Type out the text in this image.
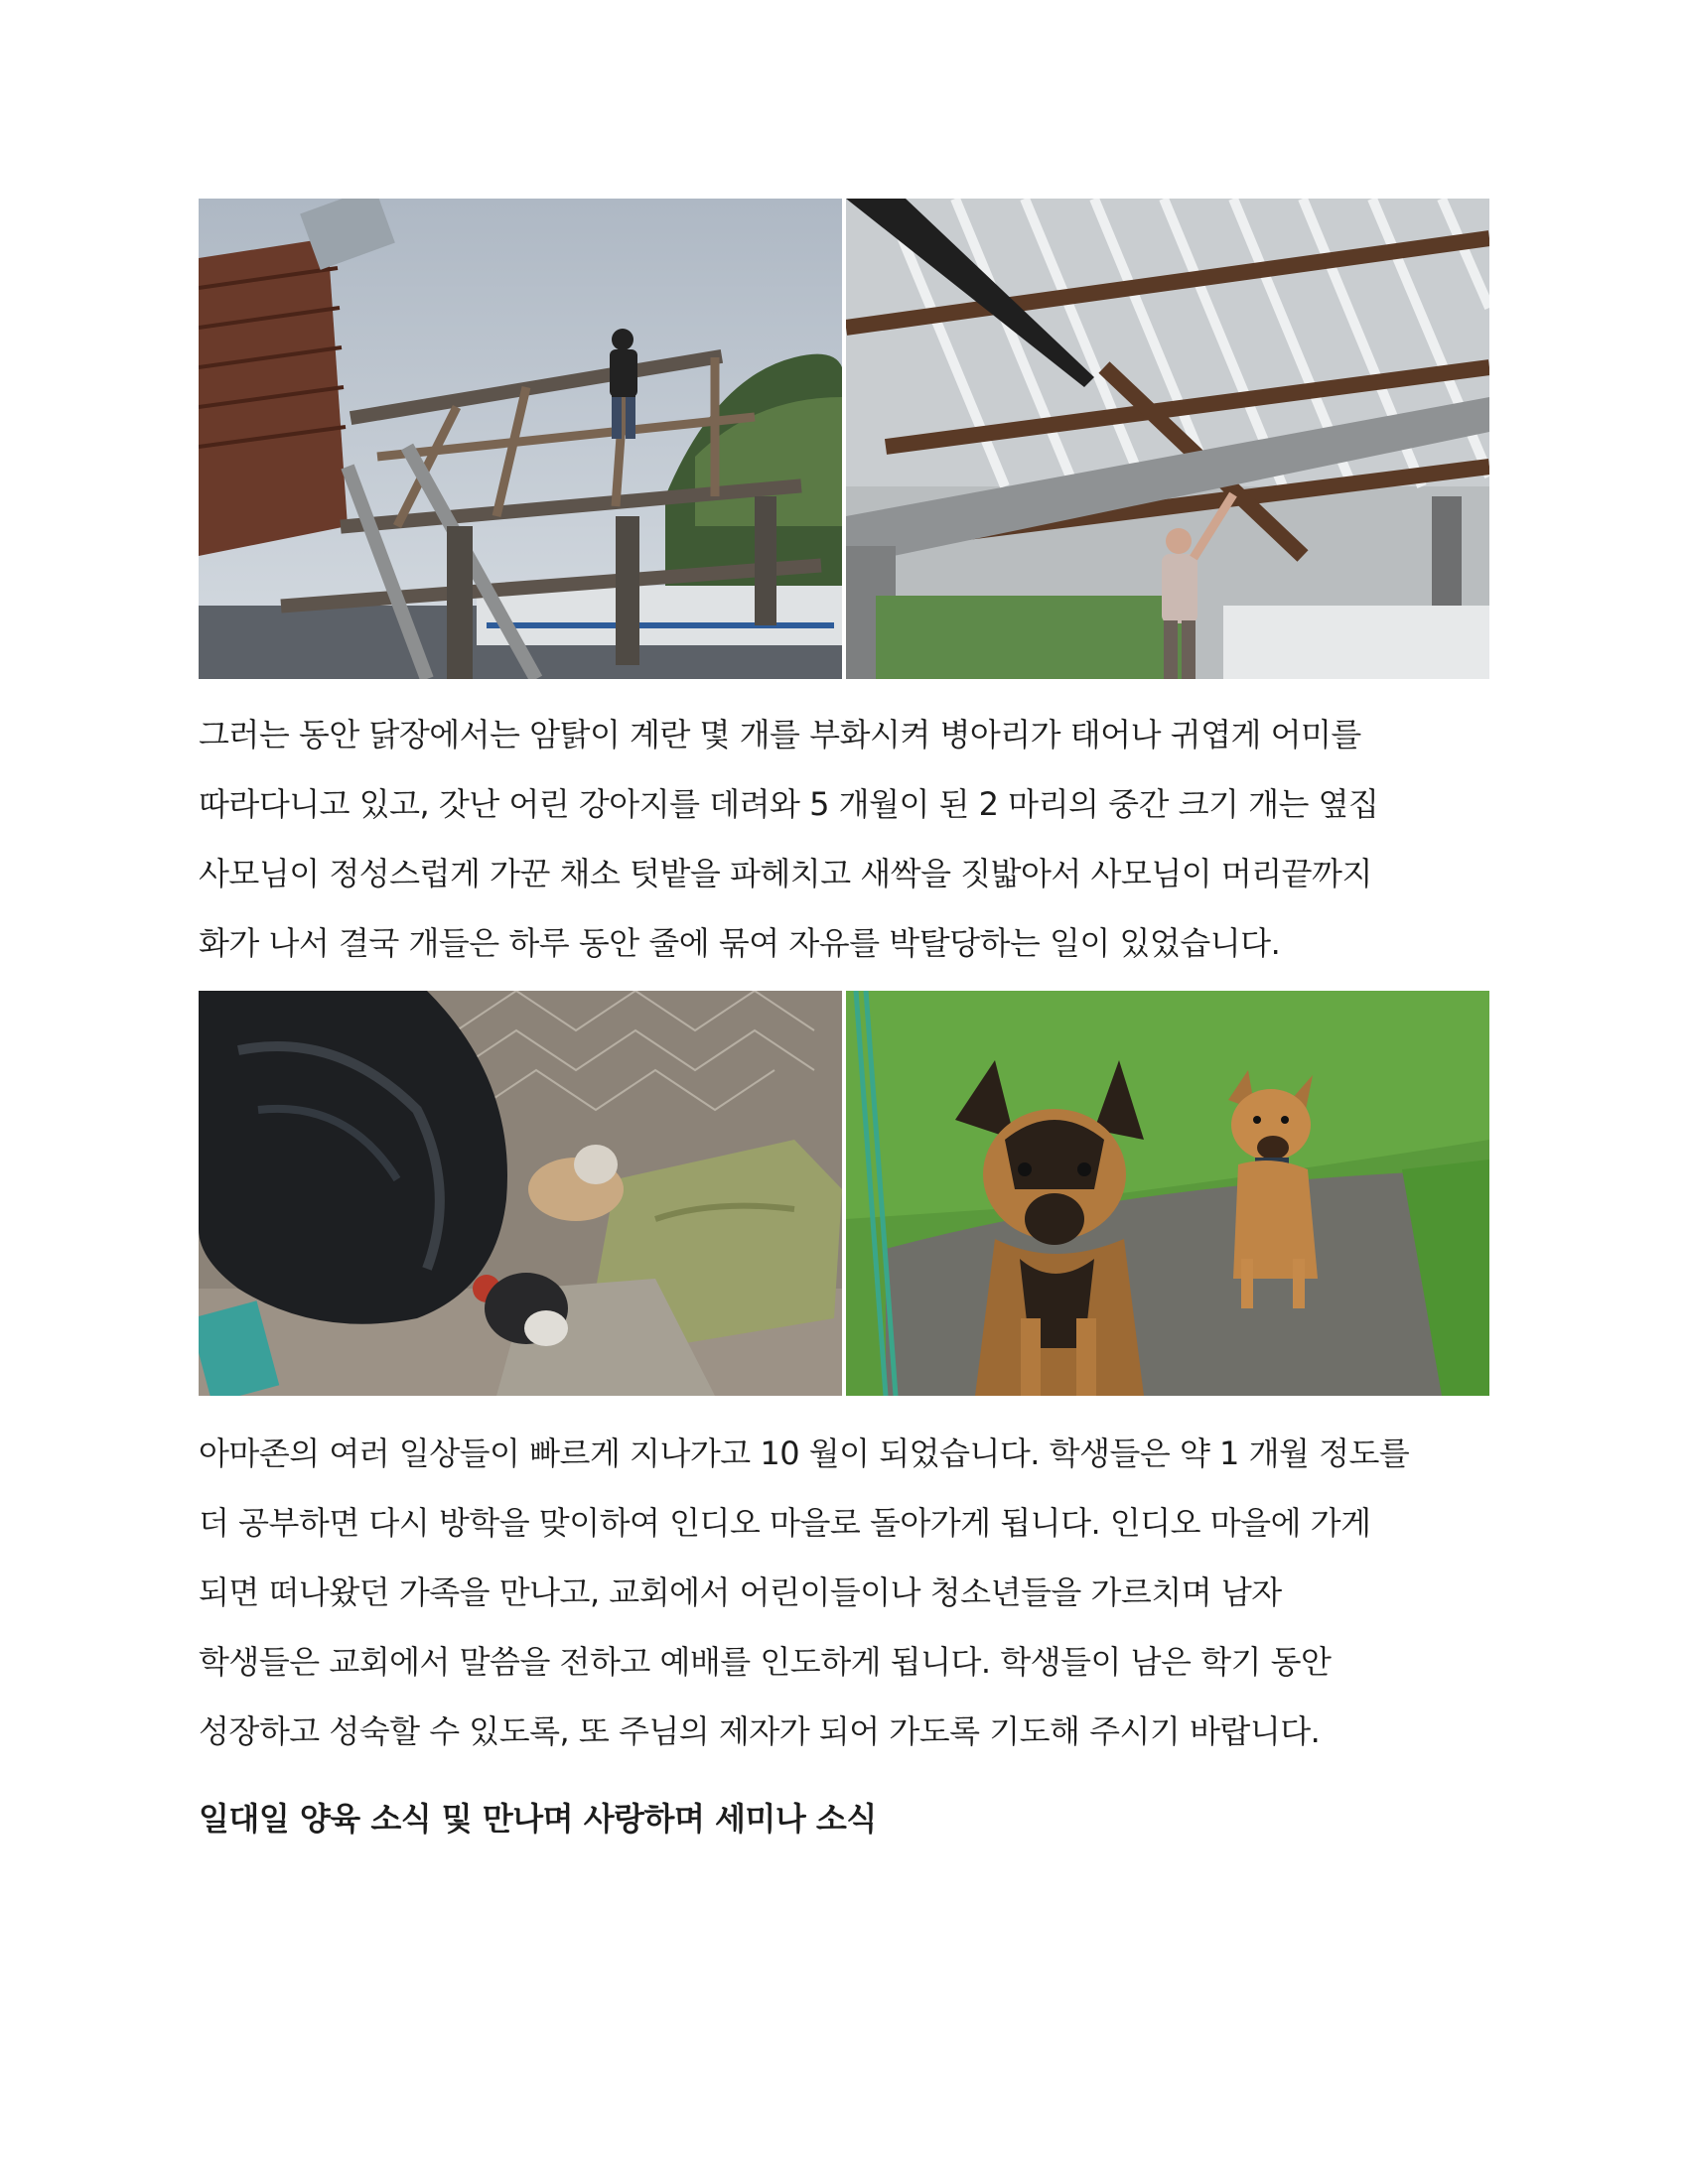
그러는 동안 닭장에서는 암탉이 계란 몇 개를 부화시켜 병아리가 태어나 귀엽게 어미를
따라다니고 있고, 갓난 어린 강아지를 데려와 5 개월이 된 2 마리의 중간 크기 개는 옆집
사모님이 정성스럽게 가꾼 채소 텃밭을 파헤치고 새싹을 짓밟아서 사모님이 머리끝까지
화가 나서 결국 개들은 하루 동안 줄에 묶여 자유를 박탈당하는 일이 있었습니다.

아마존의 여러 일상들이 빠르게 지나가고 10 월이 되었습니다. 학생들은 약 1 개월 정도를
더 공부하면 다시 방학을 맞이하여 인디오 마을로 돌아가게 됩니다. 인디오 마을에 가게
되면 떠나왔던 가족을 만나고, 교회에서 어린이들이나 청소년들을 가르치며 남자
학생들은 교회에서 말씀을 전하고 예배를 인도하게 됩니다. 학생들이 남은 학기 동안
성장하고 성숙할 수 있도록, 또 주님의 제자가 되어 가도록 기도해 주시기 바랍니다.

일대일 양육 소식 및 만나며 사랑하며 세미나 소식
